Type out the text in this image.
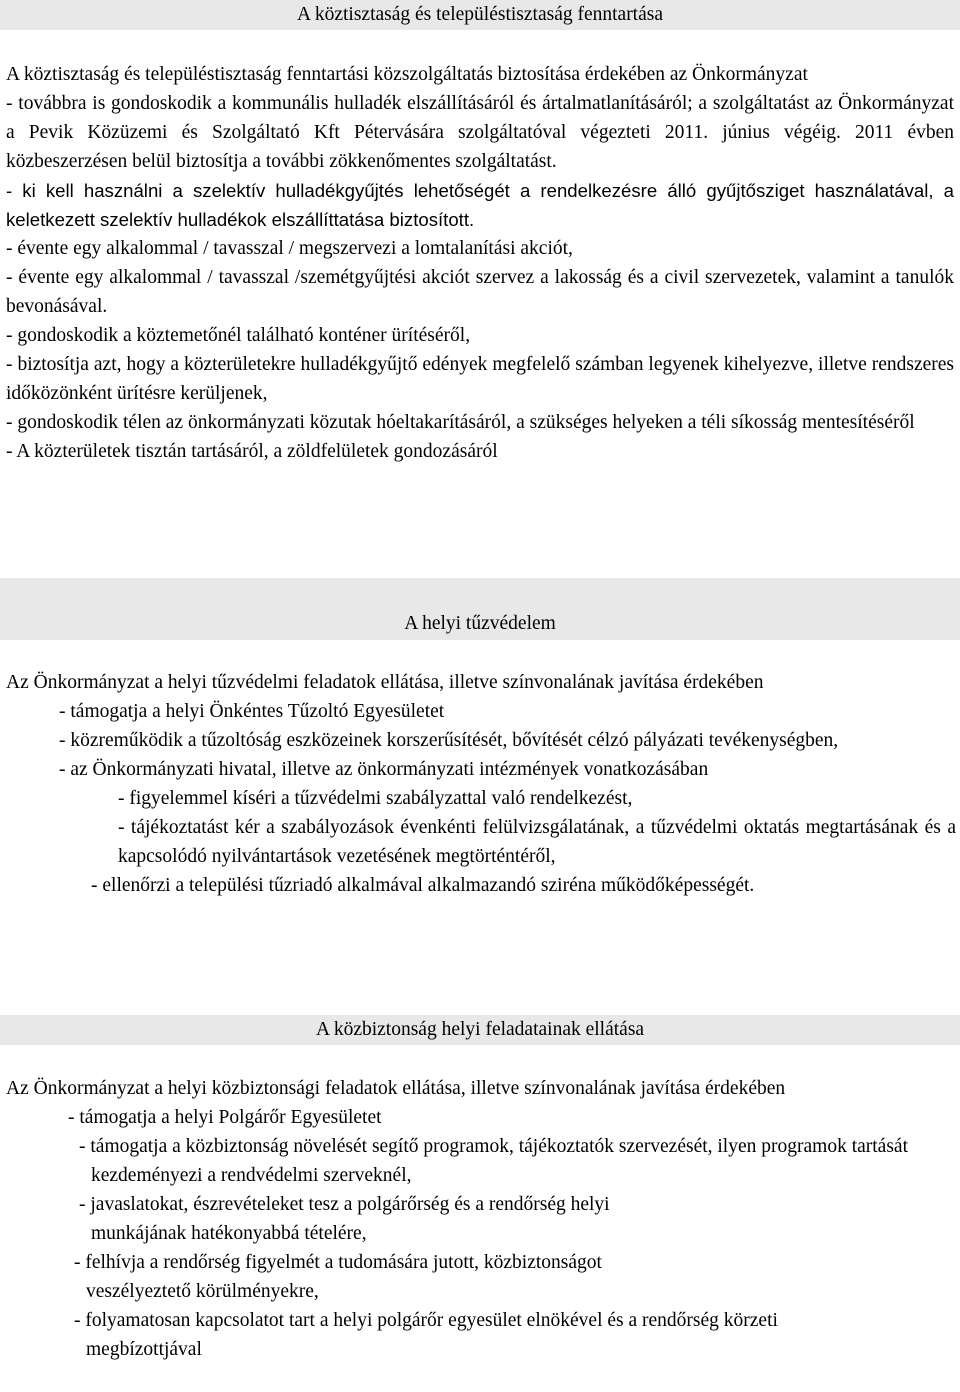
A köztisztaság és településtisztaság fenntartása

A köztisztaság és településtisztaság fenntartási közszolgáltatás biztosítása érdekében az Önkormányzat

- továbbra is gondoskodik a kommunális hulladék elszállításáról és ártalmatlanításáról; a szolgáltatást az Önkormányzat a Pevik Közüzemi és Szolgáltató Kft Pétervására szolgáltatóval végezteti 2011. június végéig. 2011 évben közbeszerzésen belül biztosítja a további zökkenőmentes szolgáltatást.

- ki kell használni a szelektív hulladékgyűjtés lehetőségét a rendelkezésre álló gyűjtősziget használatával, a keletkezett szelektív hulladékok elszállíttatása biztosított.

- évente egy alkalommal / tavasszal / megszervezi a lomtalanítási akciót,

- évente egy alkalommal / tavasszal /szemétgyűjtési akciót szervez a lakosság és a civil szervezetek, valamint a tanulók bevonásával.

- gondoskodik a köztemetőnél található konténer ürítéséről,

- biztosítja azt, hogy a közterületekre hulladékgyűjtő edények megfelelő számban legyenek kihelyezve, illetve rendszeres időközönként ürítésre kerüljenek,

- gondoskodik télen az önkormányzati közutak hóeltakarításáról, a szükséges helyeken a téli síkosság mentesítéséről

- A közterületek tisztán tartásáról, a zöldfelületek gondozásáról

A helyi tűzvédelem

Az Önkormányzat a helyi tűzvédelmi feladatok ellátása, illetve színvonalának javítása érdekében

- támogatja a helyi Önkéntes Tűzoltó Egyesületet

- közreműködik a tűzoltóság eszközeinek korszerűsítését, bővítését célzó pályázati tevékenységben,

- az Önkormányzati hivatal, illetve az önkormányzati intézmények vonatkozásában

- figyelemmel kíséri a tűzvédelmi szabályzattal való rendelkezést,

- tájékoztatást kér a szabályozások évenkénti felülvizsgálatának, a tűzvédelmi oktatás megtartásának és a kapcsolódó nyilvántartások vezetésének megtörténtéről,

- ellenőrzi a települési tűzriadó alkalmával alkalmazandó sziréna működőképességét.

A közbiztonság helyi feladatainak ellátása

Az Önkormányzat a helyi közbiztonsági feladatok ellátása, illetve színvonalának javítása érdekében

- támogatja a helyi Polgárőr Egyesületet

- támogatja a közbiztonság növelését segítő programok, tájékoztatók szervezését, ilyen programok tartását kezdeményezi a rendvédelmi szerveknél,

- javaslatokat, észrevételeket tesz a polgárőrség és a rendőrség helyi munkájának hatékonyabbá tételére,

- felhívja a rendőrség figyelmét a tudomására jutott, közbiztonságot veszélyeztető körülményekre,

- folyamatosan kapcsolatot tart a helyi polgárőr egyesület elnökével és a rendőrség körzeti megbízottjával
